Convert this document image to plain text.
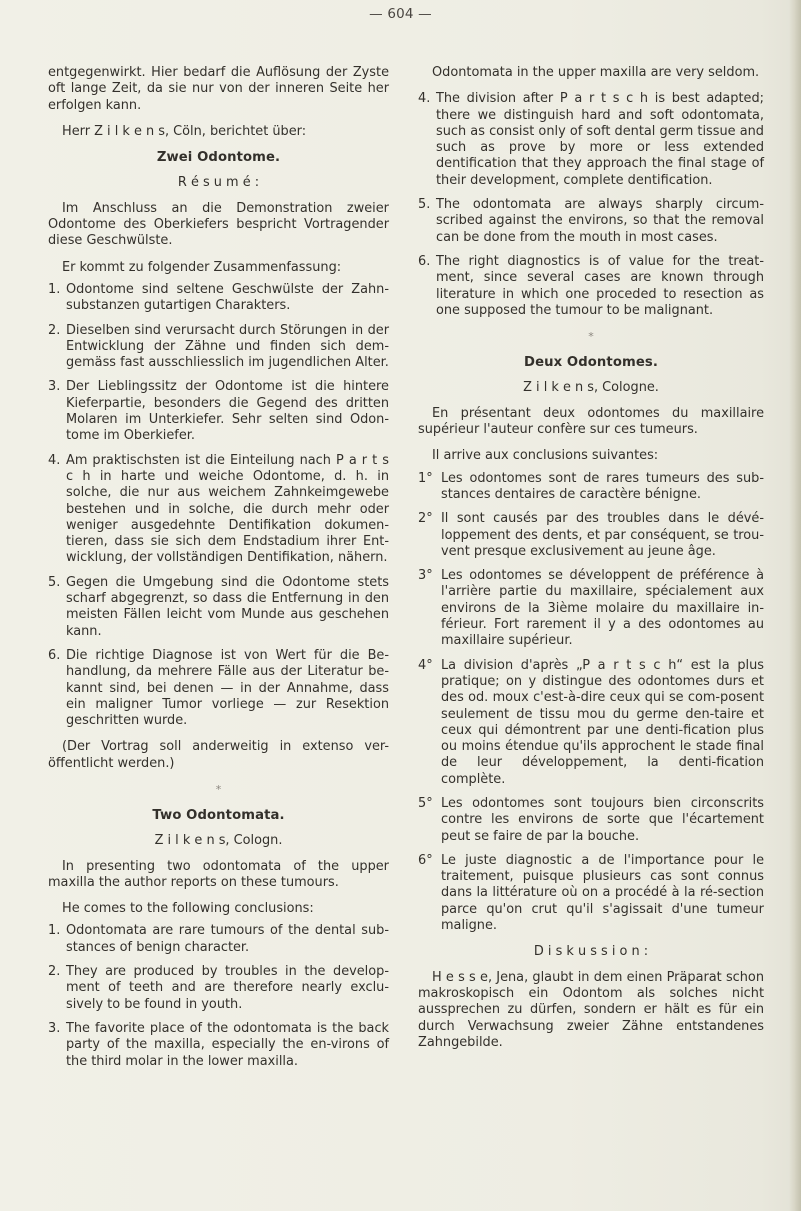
— 604 —

entgegenwirkt. Hier bedarf die Auflösung der Zyste oft lange Zeit, da sie nur von der inneren Seite her erfolgen kann.

Herr Z i l k e n s, Cöln, berichtet über:

Zwei Odontome.
R é s u m é :

Im Anschluss an die Demonstration zweier Odontome des Oberkiefers bespricht Vortragender diese Geschwülste.

Er kommt zu folgender Zusammenfassung:

1. Odontome sind seltene Geschwülste der Zahn-substanzen gutartigen Charakters.
2. Dieselben sind verursacht durch Störungen in der Entwicklung der Zähne und finden sich dem-gemäss fast ausschliesslich im jugendlichen Alter.
3. Der Lieblingssitz der Odontome ist die hintere Kieferpartie, besonders die Gegend des dritten Molaren im Unterkiefer. Sehr selten sind Odon-tome im Oberkiefer.
4. Am praktischsten ist die Einteilung nach P a r t s c h in harte und weiche Odontome, d. h. in solche, die nur aus weichem Zahnkeimgewebe bestehen und in solche, die durch mehr oder weniger ausgedehnte Dentifikation dokumen-tieren, dass sie sich dem Endstadium ihrer Ent-wicklung, der vollständigen Dentifikation, nähern.
5. Gegen die Umgebung sind die Odontome stets scharf abgegrenzt, so dass die Entfernung in den meisten Fällen leicht vom Munde aus geschehen kann.
6. Die richtige Diagnose ist von Wert für die Be-handlung, da mehrere Fälle aus der Literatur be-kannt sind, bei denen — in der Annahme, dass ein maligner Tumor vorliege — zur Resektion geschritten wurde.

(Der Vortrag soll anderweitig in extenso ver-öffentlicht werden.)

*
Two Odontomata.
Z i l k e n s, Cologn.

In presenting two odontomata of the upper maxilla the author reports on these tumours.

He comes to the following conclusions:

1. Odontomata are rare tumours of the dental sub-stances of benign character.
2. They are produced by troubles in the develop-ment of teeth and are therefore nearly exclu-sively to be found in youth.
3. The favorite place of the odontomata is the back party of the maxilla, especially the en-virons of the third molar in the lower maxilla.

Odontomata in the upper maxilla are very seldom.

4. The division after P a r t s c h is best adapted; there we distinguish hard and soft odontomata, such as consist only of soft dental germ tissue and such as prove by more or less extended dentification that they approach the final stage of their development, complete dentification.
5. The odontomata are always sharply circum-scribed against the environs, so that the removal can be done from the mouth in most cases.
6. The right diagnostics is of value for the treat-ment, since several cases are known through literature in which one proceded to resection as one supposed the tumour to be malignant.
*
Deux Odontomes.
Z i l k e n s, Cologne.

En présentant deux odontomes du maxillaire supérieur l'auteur confère sur ces tumeurs.

Il arrive aux conclusions suivantes:

1° Les odontomes sont de rares tumeurs des sub-stances dentaires de caractère bénigne.
2° Il sont causés par des troubles dans le dévé-loppement des dents, et par conséquent, se trou-vent presque exclusivement au jeune âge.
3° Les odontomes se développent de préférence à l'arrière partie du maxillaire, spécialement aux environs de la 3ième molaire du maxillaire in-férieur. Fort rarement il y a des odontomes au maxillaire supérieur.
4° La division d'après „P a r t s c h“ est la plus pratique; on y distingue des odontomes durs et des od. moux c'est-à-dire ceux qui se com-posent seulement de tissu mou du germe den-taire et ceux qui démontrent par une denti-fication plus ou moins étendue qu'ils approchent le stade final de leur développement, la denti-fication complète.
5° Les odontomes sont toujours bien circonscrits contre les environs de sorte que l'écartement peut se faire de par la bouche.
6° Le juste diagnostic a de l'importance pour le traitement, puisque plusieurs cas sont connus dans la littérature où on a procédé à la ré-section parce qu'on crut qu'il s'agissait d'une tumeur maligne.
D i s k u s s i o n :

H e s s e, Jena, glaubt in dem einen Präparat schon makroskopisch ein Odontom als solches nicht aussprechen zu dürfen, sondern er hält es für ein durch Verwachsung zweier Zähne entstandenes Zahngebilde.
